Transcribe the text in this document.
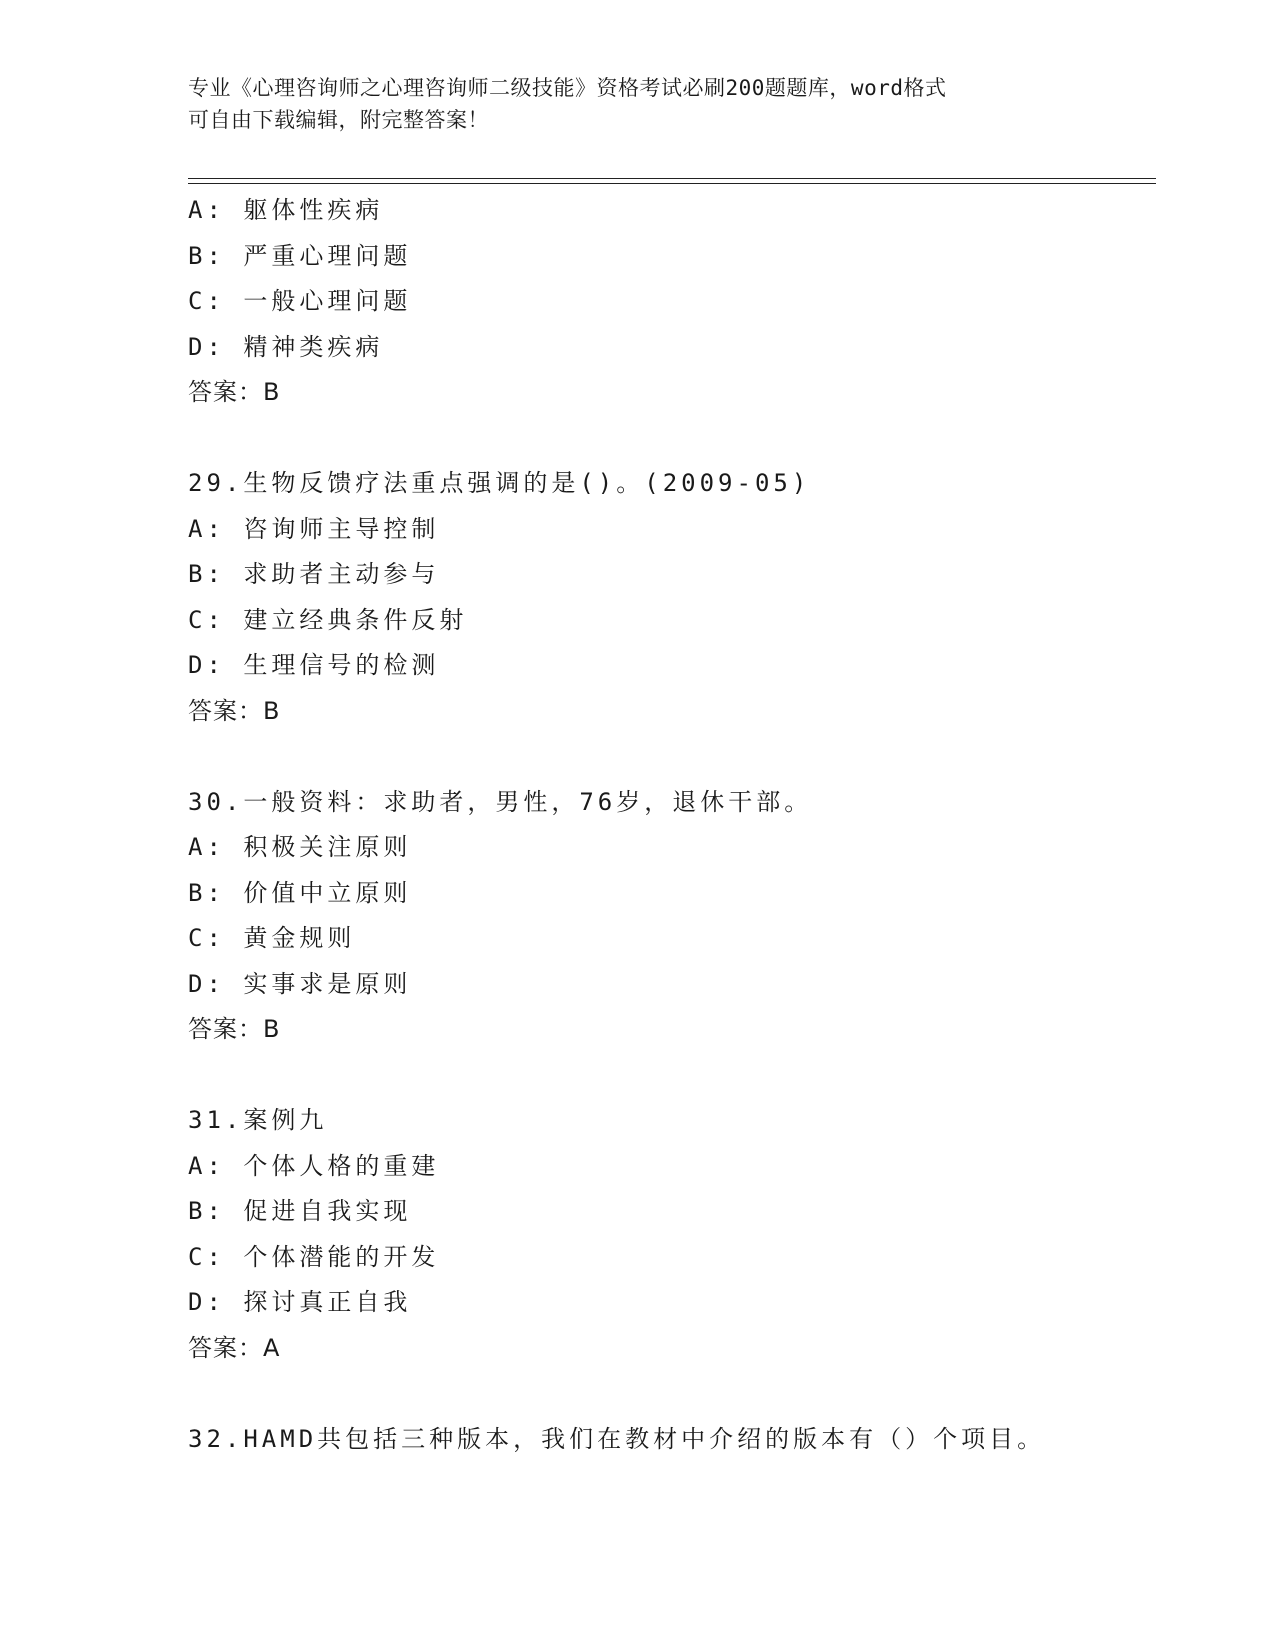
专业《心理咨询师之心理咨询师二级技能》资格考试必刷200题题库，word格式
可自由下载编辑，附完整答案！
A: 躯体性疾病
B: 严重心理问题
C: 一般心理问题
D: 精神类疾病
答案：B
29.生物反馈疗法重点强调的是()。(2009-05)
A: 咨询师主导控制
B: 求助者主动参与
C: 建立经典条件反射
D: 生理信号的检测
答案：B
30.一般资料：求助者，男性，76岁，退休干部。
A: 积极关注原则
B: 价值中立原则
C: 黄金规则
D: 实事求是原则
答案：B
31.案例九
A: 个体人格的重建
B: 促进自我实现
C: 个体潜能的开发
D: 探讨真正自我
答案：A
32.HAMD共包括三种版本，我们在教材中介绍的版本有（）个项目。
